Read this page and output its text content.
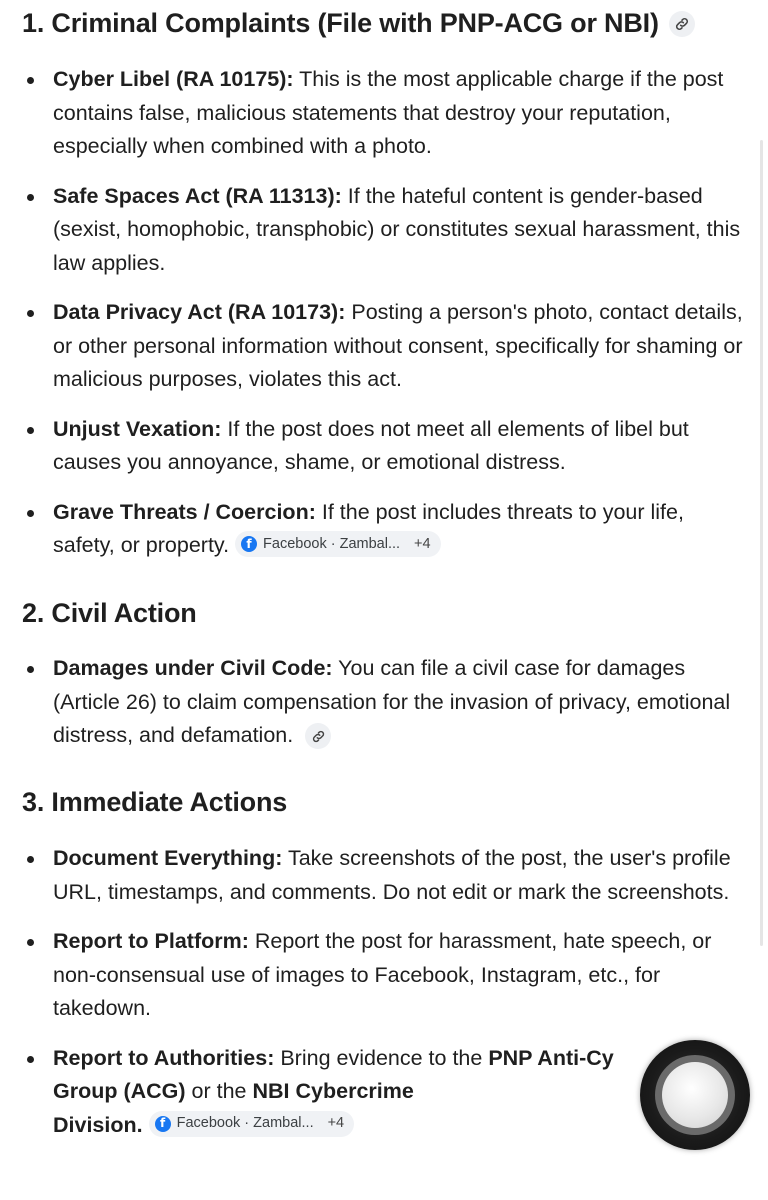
1. Criminal Complaints (File with PNP-ACG or NBI)
Cyber Libel (RA 10175): This is the most applicable charge if the post contains false, malicious statements that destroy your reputation, especially when combined with a photo.
Safe Spaces Act (RA 11313): If the hateful content is gender-based (sexist, homophobic, transphobic) or constitutes sexual harassment, this law applies.
Data Privacy Act (RA 10173): Posting a person's photo, contact details, or other personal information without consent, specifically for shaming or malicious purposes, violates this act.
Unjust Vexation: If the post does not meet all elements of libel but causes you annoyance, shame, or emotional distress.
Grave Threats / Coercion: If the post includes threats to your life, safety, or property. f Facebook · Zambal... +4
2. Civil Action
Damages under Civil Code: You can file a civil case for damages (Article 26) to claim compensation for the invasion of privacy, emotional distress, and defamation.
3. Immediate Actions
Document Everything: Take screenshots of the post, the user's profile URL, timestamps, and comments. Do not edit or mark the screenshots.
Report to Platform: Report the post for harassment, hate speech, or non-consensual use of images to Facebook, Instagram, etc., for takedown.
Report to Authorities: Bring evidence to the PNP Anti-Cy
Group (ACG) or the NBI Cybercrime
Division.	f Facebook · Zambal... +4
